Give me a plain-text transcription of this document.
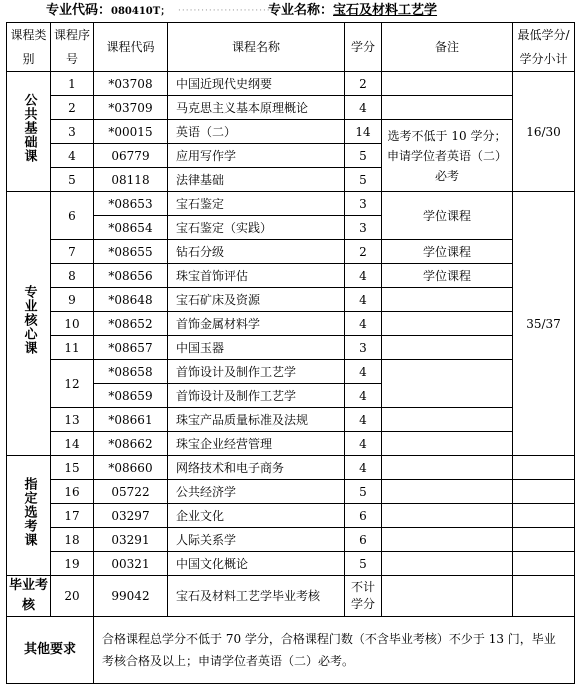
专业代码：080410T； ··························
专业名称：宝石及材料工艺学
课程类别	课程序号	课程代码	课程名称	学分	备注	最低学分/学分小计
公共基础课	1	*03708	中国近现代史纲要	2		16/30
	2	*03709	马克思主义基本原理概论	4		
	3	*00015	英语（二）	14	选考不低于 10 学分；申请学位者英语（二）必考	
	4	06779	应用写作学	5		
	5	08118	法律基础	5		
专业核心课	6	*08653	宝石鉴定	3	学位课程	35/37
		*08654	宝石鉴定（实践）	3		
	7	*08655	钻石分级	2	学位课程	
	8	*08656	珠宝首饰评估	4	学位课程	
	9	*08648	宝石矿床及资源	4		
	10	*08652	首饰金属材料学	4		
	11	*08657	中国玉器	3		
	12	*08658	首饰设计及制作工艺学	4		
		*08659	首饰设计及制作工艺学	4		
	13	*08661	珠宝产品质量标准及法规	4		
	14	*08662	珠宝企业经营管理	4		
指定选考课	15	*08660	网络技术和电子商务	4		
	16	05722	公共经济学	5		
	17	03297	企业文化	6		
	18	03291	人际关系学	6		
	19	00321	中国文化概论	5		
毕业考核	20	99042	宝石及材料工艺学毕业考核	不计学分		
其他要求		合格课程总学分不低于 70 学分，合格课程门数（不含毕业考核）不少于 13 门，毕业考核合格及以上；申请学位者英语（二）必考。				
